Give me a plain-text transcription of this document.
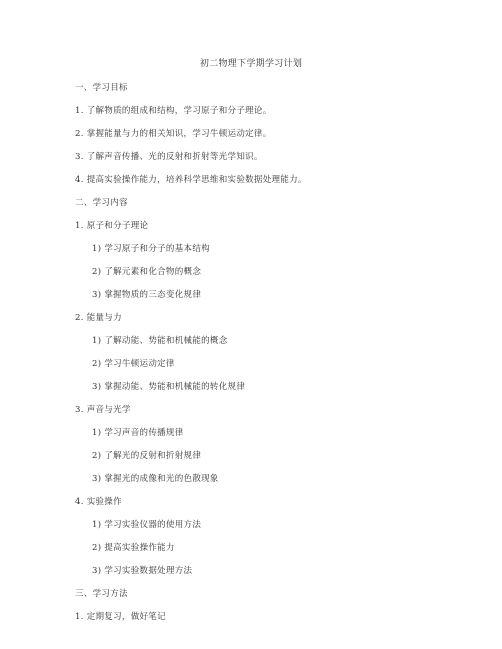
初二物理下学期学习计划
一、学习目标
1. 了解物质的组成和结构，学习原子和分子理论。
2. 掌握能量与力的相关知识，学习牛顿运动定律。
3. 了解声音传播、光的反射和折射等光学知识。
4. 提高实验操作能力，培养科学思维和实验数据处理能力。
二、学习内容
1. 原子和分子理论
1) 学习原子和分子的基本结构
2) 了解元素和化合物的概念
3) 掌握物质的三态变化规律
2. 能量与力
1) 了解动能、势能和机械能的概念
2) 学习牛顿运动定律
3) 掌握动能、势能和机械能的转化规律
3. 声音与光学
1) 学习声音的传播规律
2) 了解光的反射和折射规律
3) 掌握光的成像和光的色散现象
4. 实验操作
1) 学习实验仪器的使用方法
2) 提高实验操作能力
3) 学习实验数据处理方法
三、学习方法
1. 定期复习，做好笔记
